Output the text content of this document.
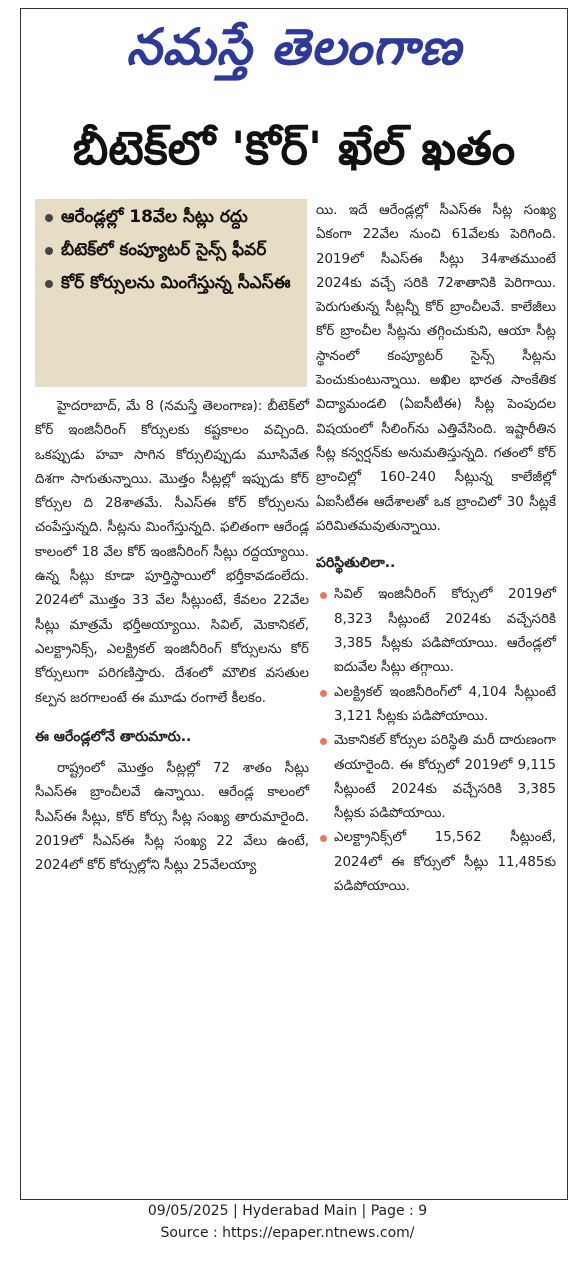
నమస్తే తెలంగాణ
బీటెక్‌లో 'కోర్' ఖేల్ ఖతం
ఆరేండ్లల్లో 18వేల సీట్లు రద్దు
బీటెక్‌లో కంప్యూటర్ సైన్స్ ఫీవర్
కోర్ కోర్సులను మింగేస్తున్న సీఎస్‌ఈ

హైదరాబాద్, మే 8 (నమస్తే తెలంగాణ): బీటెక్‌లో కోర్ ఇంజినీరింగ్ కోర్సులకు కష్టకాలం వచ్చింది. ఒకప్పుడు హవా సాగిన కోర్సులిప్పుడు మూసివేత దిశగా సాగుతున్నాయి. మొత్తం సీట్లల్లో ఇప్పుడు కోర్ కోర్సుల ది 28శాతమే. సీఎస్‌ఈ కోర్ కోర్సులను చంపేస్తున్నది. సీట్లను మింగేస్తున్నది. ఫలితంగా ఆరేండ్ల కాలంలో 18 వేల కోర్ ఇంజినీరింగ్ సీట్లు రద్దయ్యాయి. ఉన్న సీట్లు కూడా పూర్తిస్థాయిలో భర్తీకావడంలేదు. 2024లో మొత్తం 33 వేల సీట్లుంటే, కేవలం 22వేల సీట్లు మాత్రమే భర్తీఅయ్యాయి. సివిల్, మెకానికల్, ఎలక్ట్రానిక్స్, ఎలక్ట్రికల్ ఇంజినీరింగ్ కోర్సులను కోర్ కోర్సులుగా పరిగణిస్తారు. దేశంలో మౌలిక వసతుల కల్పన జరగాలంటే ఈ మూడు రంగాలే కీలకం.

ఈ ఆరేండ్లలోనే తారుమారు..

రాష్ట్రంలో మొత్తం సీట్లల్లో 72 శాతం సీట్లు సీఎస్‌ఈ బ్రాంచీలవే ఉన్నాయి. ఆరేండ్ల కాలంలో సీఎస్‌ఈ సీట్లు, కోర్ కోర్సు సీట్ల సంఖ్య తారుమారైంది. 2019లో సీఎస్‌ఈ సీట్ల సంఖ్య 22 వేలు ఉంటే, 2024లో కోర్ కోర్సుల్లోని సీట్లు 25వేలయ్యా

యి. ఇదే ఆరేండ్లల్లో సీఎస్‌ఈ సీట్ల సంఖ్య ఏకంగా 22వేల నుంచి 61వేలకు పెరిగింది. 2019లో సీఎస్‌ఈ సీట్లు 34శాతముంటే 2024కు వచ్చే సరికి 72శాతానికి పెరిగాయి. పెరుగుతున్న సీట్లన్నీ కోర్ బ్రాంచీలవే. కాలేజీలు కోర్ బ్రాంచీల సీట్లను తగ్గించుకుని, ఆయా సీట్ల స్థానంలో కంప్యూటర్ సైన్స్ సీట్లను పెంచుకుంటున్నాయి. అఖిల భారత సాంకేతిక విద్యామండలి (ఏఐసీటీఈ) సీట్ల పెంపుదల విషయంలో సీలింగ్‌ను ఎత్తివేసింది. ఇష్టారీతిన సీట్ల కన్వర్షన్‌కు అనుమతిస్తున్నది. గతంలో కోర్ బ్రాంచిల్లో 160-240 సీట్లున్న కాలేజీల్లో ఏఐసీటీఈ ఆదేశాలతో ఒక బ్రాంచిలో 30 సీట్లకే పరిమితమవుతున్నాయి.

పరిస్థితులిలా..

సివిల్ ఇంజినీరింగ్ కోర్సులో 2019లో 8,323 సీట్లుంటే 2024కు వచ్చేసరికి 3,385 సీట్లకు పడిపోయాయి. ఆరేండ్లలో ఐదువేల సీట్లు తగ్గాయి.

ఎలక్ట్రికల్ ఇంజినీరింగ్‌లో 4,104 సీట్లుంటే 3,121 సీట్లకు పడిపోయాయి.

మెకానికల్ కోర్సుల పరిస్థితి మరీ దారుణంగా తయారైంది. ఈ కోర్సులో 2019లో 9,115 సీట్లుంటే 2024కు వచ్చేసరికి 3,385 సీట్లకు పడిపోయాయి.

ఎలక్ట్రానిక్స్‌లో 15,562 సీట్లుంటే, 2024లో ఈ కోర్సులో సీట్లు 11,485కు పడిపోయాయి.

09/05/2025 | Hyderabad Main | Page : 9
Source : https://epaper.ntnews.com/
